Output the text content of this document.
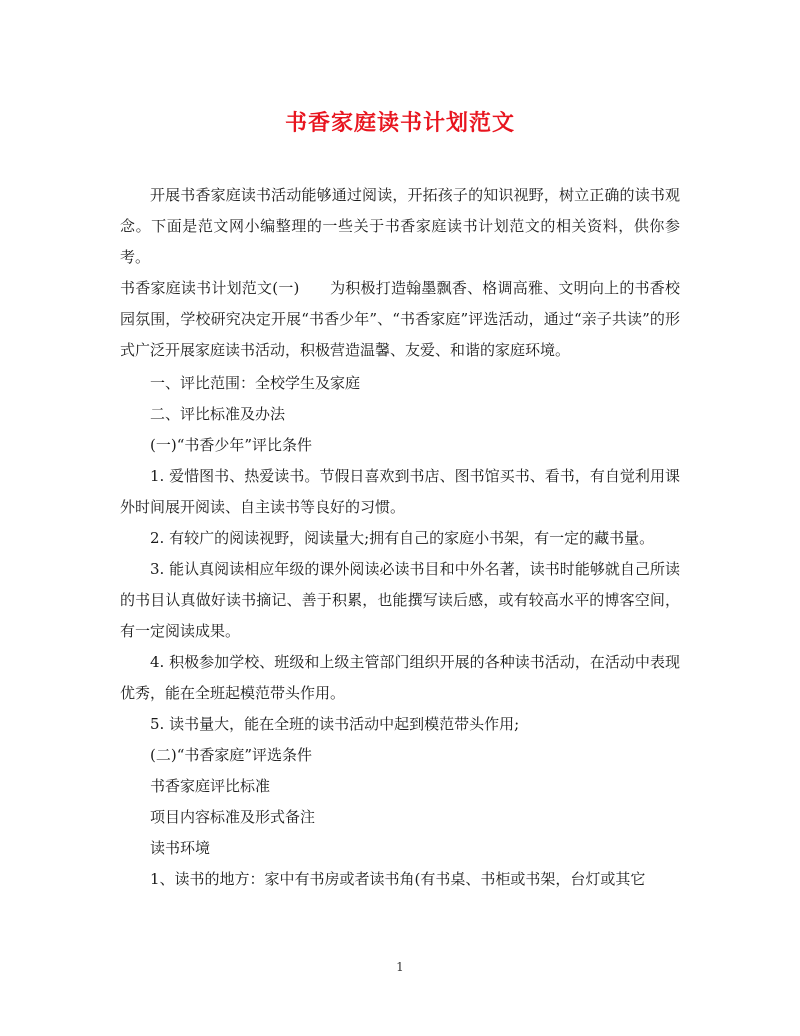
书香家庭读书计划范文

开展书香家庭读书活动能够通过阅读，开拓孩子的知识视野，树立正确的读书观念。下面是范文网小编整理的一些关于书香家庭读书计划范文的相关资料，供你参考。

书香家庭读书计划范文(一)　　为积极打造翰墨飘香、格调高雅、文明向上的书香校园氛围，学校研究决定开展“书香少年”、“书香家庭”评选活动，通过“亲子共读”的形式广泛开展家庭读书活动，积极营造温馨、友爱、和谐的家庭环境。

一、评比范围：全校学生及家庭

二、评比标准及办法

(一)“书香少年”评比条件

1. 爱惜图书、热爱读书。节假日喜欢到书店、图书馆买书、看书，有自觉利用课外时间展开阅读、自主读书等良好的习惯。

2. 有较广的阅读视野，阅读量大;拥有自己的家庭小书架，有一定的藏书量。

3. 能认真阅读相应年级的课外阅读必读书目和中外名著，读书时能够就自己所读的书目认真做好读书摘记、善于积累，也能撰写读后感，或有较高水平的博客空间，有一定阅读成果。

4. 积极参加学校、班级和上级主管部门组织开展的各种读书活动，在活动中表现优秀，能在全班起模范带头作用。

5. 读书量大，能在全班的读书活动中起到模范带头作用;

(二)“书香家庭”评选条件

书香家庭评比标准

项目内容标准及形式备注

读书环境

1、读书的地方：家中有书房或者读书角(有书桌、书柜或书架，台灯或其它

1
